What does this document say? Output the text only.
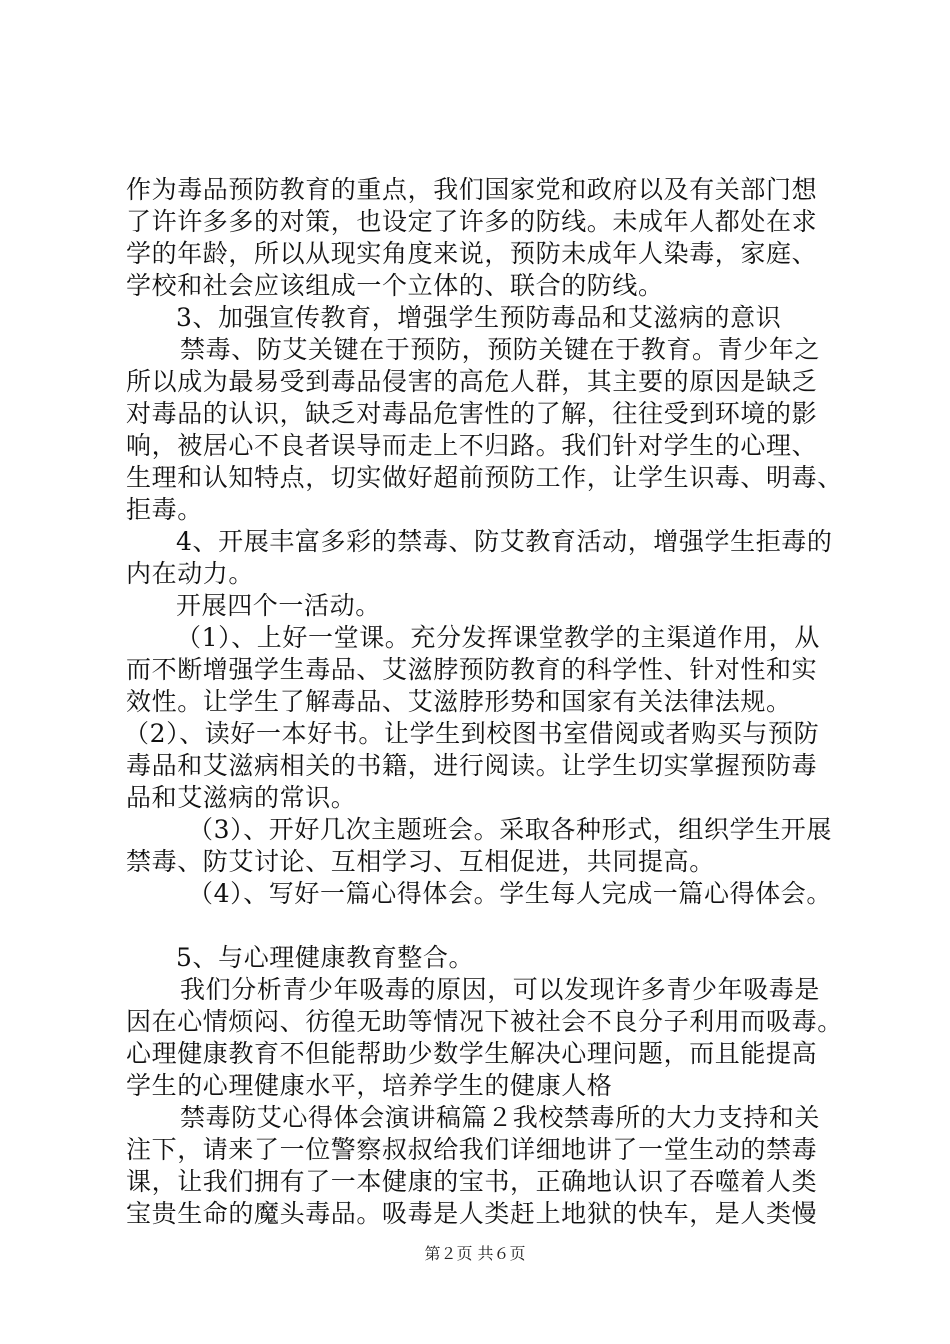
作为毒品预防教育的重点，我们国家党和政府以及有关部门想
了许许多多的对策，也设定了许多的防线。未成年人都处在求
学的年龄，所以从现实角度来说，预防未成年人染毒，家庭、
学校和社会应该组成一个立体的、联合的防线。
3、加强宣传教育，增强学生预防毒品和艾滋病的意识
禁毒、防艾关键在于预防，预防关键在于教育。青少年之
所以成为最易受到毒品侵害的高危人群，其主要的原因是缺乏
对毒品的认识，缺乏对毒品危害性的了解，往往受到环境的影
响，被居心不良者误导而走上不归路。我们针对学生的心理、
生理和认知特点，切实做好超前预防工作，让学生识毒、明毒、
拒毒。
4、开展丰富多彩的禁毒、防艾教育活动，增强学生拒毒的
内在动力。
开展四个一活动。
（1）、上好一堂课。充分发挥课堂教学的主渠道作用，从
而不断增强学生毒品、艾滋脖预防教育的科学性、针对性和实
效性。让学生了解毒品、艾滋脖形势和国家有关法律法规。
（2）、读好一本好书。让学生到校图书室借阅或者购买与预防
毒品和艾滋病相关的书籍，进行阅读。让学生切实掌握预防毒
品和艾滋病的常识。
（3）、开好几次主题班会。采取各种形式，组织学生开展
禁毒、防艾讨论、互相学习、互相促进，共同提高。
（4）、写好一篇心得体会。学生每人完成一篇心得体会。
5、与心理健康教育整合。
我们分析青少年吸毒的原因，可以发现许多青少年吸毒是
因在心情烦闷、彷徨无助等情况下被社会不良分子利用而吸毒。
心理健康教育不但能帮助少数学生解决心理问题，而且能提高
学生的心理健康水平，培养学生的健康人格
禁毒防艾心得体会演讲稿篇２我校禁毒所的大力支持和关
注下，请来了一位警察叔叔给我们详细地讲了一堂生动的禁毒
课，让我们拥有了一本健康的宝书，正确地认识了吞噬着人类
宝贵生命的魔头毒品。吸毒是人类赶上地狱的快车，是人类慢
第２页 共６页
